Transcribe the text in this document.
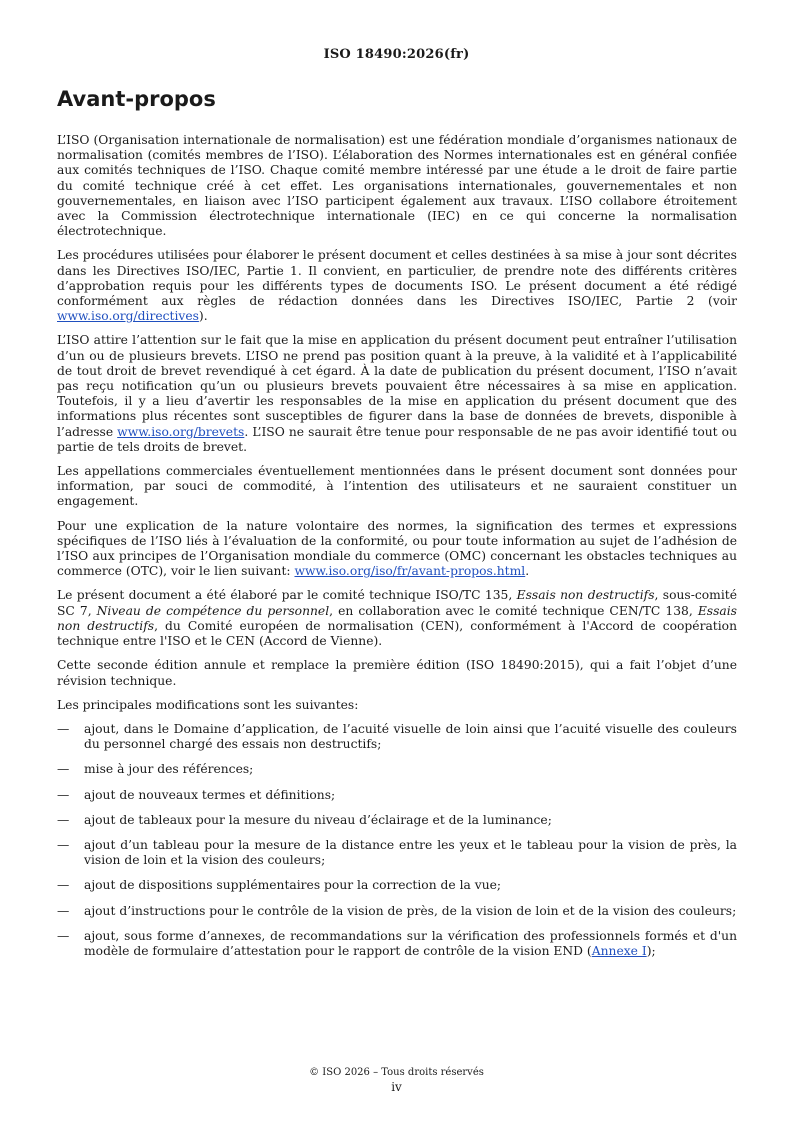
ISO 18490:2026(fr)
Avant-propos

L’ISO (Organisation internationale de normalisation) est une fédération mondiale d’organismes nationaux de normalisation (comités membres de l’ISO). L’élaboration des Normes internationales est en général confiée aux comités techniques de l’ISO. Chaque comité membre intéressé par une étude a le droit de faire partie du comité technique créé à cet effet. Les organisations internationales, gouvernementales et non gouvernementales, en liaison avec l’ISO participent également aux travaux. L’ISO collabore étroitement avec la Commission électrotechnique internationale (IEC) en ce qui concerne la normalisation électrotechnique.

Les procédures utilisées pour élaborer le présent document et celles destinées à sa mise à jour sont décrites dans les Directives ISO/IEC, Partie 1. Il convient, en particulier, de prendre note des différents critères d’approbation requis pour les différents types de documents ISO. Le présent document a été rédigé conformément aux règles de rédaction données dans les Directives ISO/IEC, Partie 2 (voir www.iso.org/directives).

L’ISO attire l’attention sur le fait que la mise en application du présent document peut entraîner l’utilisation d’un ou de plusieurs brevets. L’ISO ne prend pas position quant à la preuve, à la validité et à l’applicabilité de tout droit de brevet revendiqué à cet égard. À la date de publication du présent document, l’ISO n’avait pas reçu notification qu’un ou plusieurs brevets pouvaient être nécessaires à sa mise en application. Toutefois, il y a lieu d’avertir les responsables de la mise en application du présent document que des informations plus récentes sont susceptibles de figurer dans la base de données de brevets, disponible à l’adresse www.iso.org/brevets. L’ISO ne saurait être tenue pour responsable de ne pas avoir identifié tout ou partie de tels droits de brevet.

Les appellations commerciales éventuellement mentionnées dans le présent document sont données pour information, par souci de commodité, à l’intention des utilisateurs et ne sauraient constituer un engagement.

Pour une explication de la nature volontaire des normes, la signification des termes et expressions spécifiques de l’ISO liés à l’évaluation de la conformité, ou pour toute information au sujet de l’adhésion de l’ISO aux principes de l’Organisation mondiale du commerce (OMC) concernant les obstacles techniques au commerce (OTC), voir le lien suivant: www.iso.org/iso/fr/avant-propos.html.

Le présent document a été élaboré par le comité technique ISO/TC 135, Essais non destructifs, sous-comité SC 7, Niveau de compétence du personnel, en collaboration avec le comité technique CEN/TC 138, Essais non destructifs, du Comité européen de normalisation (CEN), conformément à l'Accord de coopération technique entre l'ISO et le CEN (Accord de Vienne).

Cette seconde édition annule et remplace la première édition (ISO 18490:2015), qui a fait l’objet d’une révision technique.

Les principales modifications sont les suivantes:

— ajout, dans le Domaine d’application, de l’acuité visuelle de loin ainsi que l’acuité visuelle des couleurs du personnel chargé des essais non destructifs;
— mise à jour des références;
— ajout de nouveaux termes et définitions;
— ajout de tableaux pour la mesure du niveau d’éclairage et de la luminance;
— ajout d’un tableau pour la mesure de la distance entre les yeux et le tableau pour la vision de près, la vision de loin et la vision des couleurs;
— ajout de dispositions supplémentaires pour la correction de la vue;
— ajout d’instructions pour le contrôle de la vision de près, de la vision de loin et de la vision des couleurs;
— ajout, sous forme d’annexes, de recommandations sur la vérification des professionnels formés et d'un modèle de formulaire d’attestation pour le rapport de contrôle de la vision END (Annexe I);
© ISO 2026 – Tous droits réservés
iv
